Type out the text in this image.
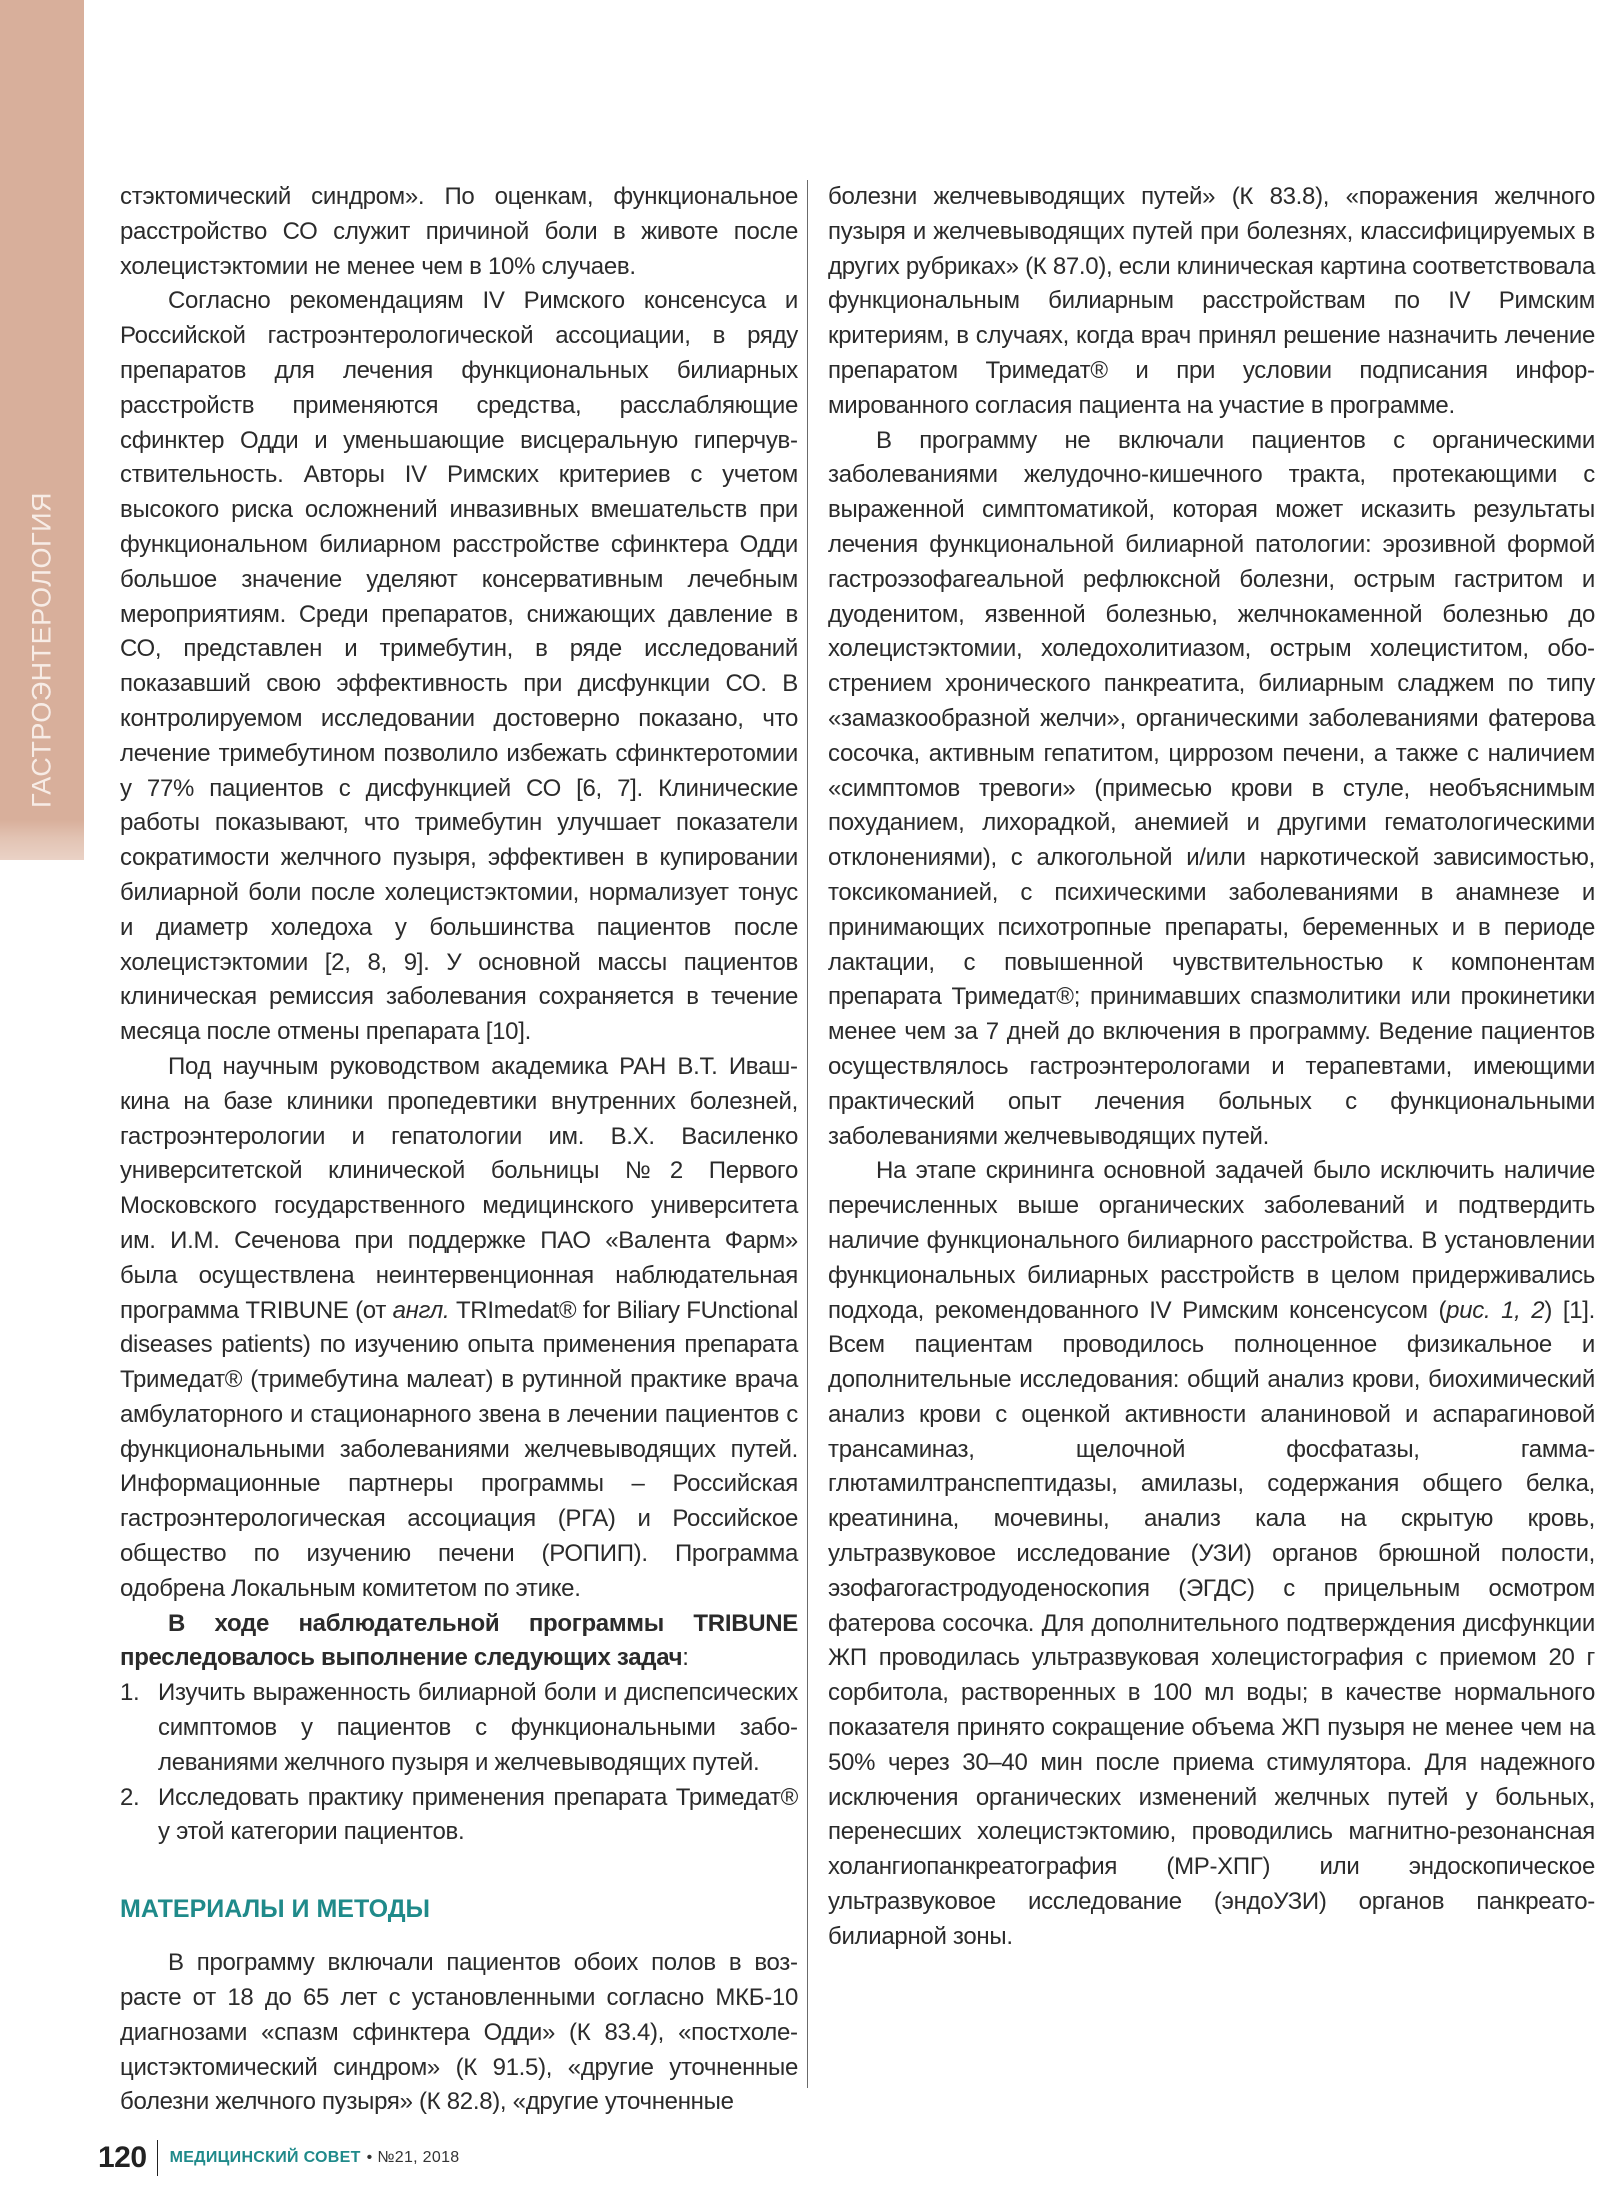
ГАСТРОЭНТЕРОЛОГИЯ

стэктомический синдром». По оценкам, функциональное расстройство СО служит причиной боли в животе после холецистэктомии не менее чем в 10% случаев.

Согласно рекомендациям IV Римского консенсуса и Российской гастроэнтерологической ассоциации, в ряду препаратов для лечения функциональных билиарных расстройств применяются средства, расслабляющие сфинктер Одди и уменьшающие висцеральную гиперчувствительность. Авторы IV Римских критериев с учетом высокого риска осложнений инвазивных вмешательств при функциональном билиарном расстройстве сфинктера Одди большое значение уделяют консервативным лечебным мероприятиям. Среди препаратов, снижающих давление в СО, представлен и тримебутин, в ряде исследований показавший свою эффективность при дисфункции СО. В контролируемом исследовании достоверно показано, что лечение тримебутином позволило избежать сфинктеротомии у 77% пациентов с дисфункцией СО [6, 7]. Клинические работы показывают, что тримебутин улучшает показатели сократимости желчного пузыря, эффективен в купировании билиарной боли после холецистэктомии, нормализует тонус и диаметр холедоха у большинства пациентов после холецистэктомии [2, 8, 9]. У основной массы пациентов клиническая ремиссия заболевания сохраняется в течение месяца после отмены препарата [10].

Под научным руководством академика РАН В.Т. Ивашкина на базе клиники пропедевтики внутренних болезней, гастроэнтерологии и гепатологии им. В.Х. Василенко университетской клинической больницы №2 Первого Московского государственного медицинского университета им. И.М. Сеченова при поддержке ПАО «Валента Фарм» была осуществлена неинтервенционная наблюдательная программа TRIBUNE (от англ. TRImedat® for Biliary FUnctional diseases patients) по изучению опыта применения препарата Тримедат® (тримебутина малеат) в рутинной практике врача амбулаторного и стационарного звена в лечении пациентов с функциональными заболеваниями желчевыводящих путей. Информационные партнеры программы – Российская гастроэнтерологическая ассоциация (РГА) и Российское общество по изучению печени (РОПИП). Программа одобрена Локальным комитетом по этике.

В ходе наблюдательной программы TRIBUNE преследовалось выполнение следующих задач:

1. Изучить выраженность билиарной боли и диспепсических симптомов у пациентов с функциональными заболеваниями желчного пузыря и желчевыводящих путей.
2. Исследовать практику применения препарата Тримедат® у этой категории пациентов.
МАТЕРИАЛЫ И МЕТОДЫ

В программу включали пациентов обоих полов в возрасте от 18 до 65 лет с установленными согласно МКБ-10 диагнозами «спазм сфинктера Одди» (К 83.4), «постхолецистэктомический синдром» (К 91.5), «другие уточненные болезни желчного пузыря» (К 82.8), «другие уточненные

болезни желчевыводящих путей» (К 83.8), «поражения желчного пузыря и желчевыводящих путей при болезнях, классифицируемых в других рубриках» (К 87.0), если клиническая картина соответствовала функциональным билиарным расстройствам по IV Римским критериям, в случаях, когда врач принял решение назначить лечение препаратом Тримедат® и при условии подписания информированного согласия пациента на участие в программе.

В программу не включали пациентов с органическими заболеваниями желудочно-кишечного тракта, протекающими с выраженной симптоматикой, которая может исказить результаты лечения функциональной билиарной патологии: эрозивной формой гастроэзофагеальной рефлюксной болезни, острым гастритом и дуоденитом, язвенной болезнью, желчнокаменной болезнью до холецистэктомии, холедохолитиазом, острым холециститом, обострением хронического панкреатита, билиарным сладжем по типу «замазкообразной желчи», органическими заболеваниями фатерова сосочка, активным гепатитом, циррозом печени, а также с наличием «симптомов тревоги» (примесью крови в стуле, необъяснимым похуданием, лихорадкой, анемией и другими гематологическими отклонениями), с алкогольной и/или наркотической зависимостью, токсикоманией, с психическими заболеваниями в анамнезе и принимающих психотропные препараты, беременных и в периоде лактации, с повышенной чувствительностью к компонентам препарата Тримедат®; принимавших спазмолитики или прокинетики менее чем за 7 дней до включения в программу. Ведение пациентов осуществлялось гастроэнтерологами и терапевтами, имеющими практический опыт лечения больных с функциональными заболеваниями желчевыводящих путей.

На этапе скрининга основной задачей было исключить наличие перечисленных выше органических заболеваний и подтвердить наличие функционального билиарного расстройства. В установлении функциональных билиарных расстройств в целом придерживались подхода, рекомендованного IV Римским консенсусом (рис. 1, 2) [1]. Всем пациентам проводилось полноценное физикальное и дополнительные исследования: общий анализ крови, биохимический анализ крови с оценкой активности аланиновой и аспарагиновой трансаминаз, щелочной фосфатазы, гамма-глютамилтранспептидазы, амилазы, содержания общего белка, креатинина, мочевины, анализ кала на скрытую кровь, ультразвуковое исследование (УЗИ) органов брюшной полости, эзофагогастродуоденоскопия (ЭГДС) с прицельным осмотром фатерова сосочка. Для дополнительного подтверждения дисфункции ЖП проводилась ультразвуковая холецистография с приемом 20 г сорбитола, растворенных в 100 мл воды; в качестве нормального показателя принято сокращение объема ЖП пузыря не менее чем на 50% через 30–40 мин после приема стимулятора. Для надежного исключения органических изменений желчных путей у больных, перенесших холецистэктомию, проводились магнитно-резонансная холангиопанкреатография (МР-ХПГ) или эндоскопическое ультразвуковое исследование (эндоУЗИ) органов панкреато-билиарной зоны.

120 МЕДИЦИНСКИЙ СОВЕТ • №21, 2018
